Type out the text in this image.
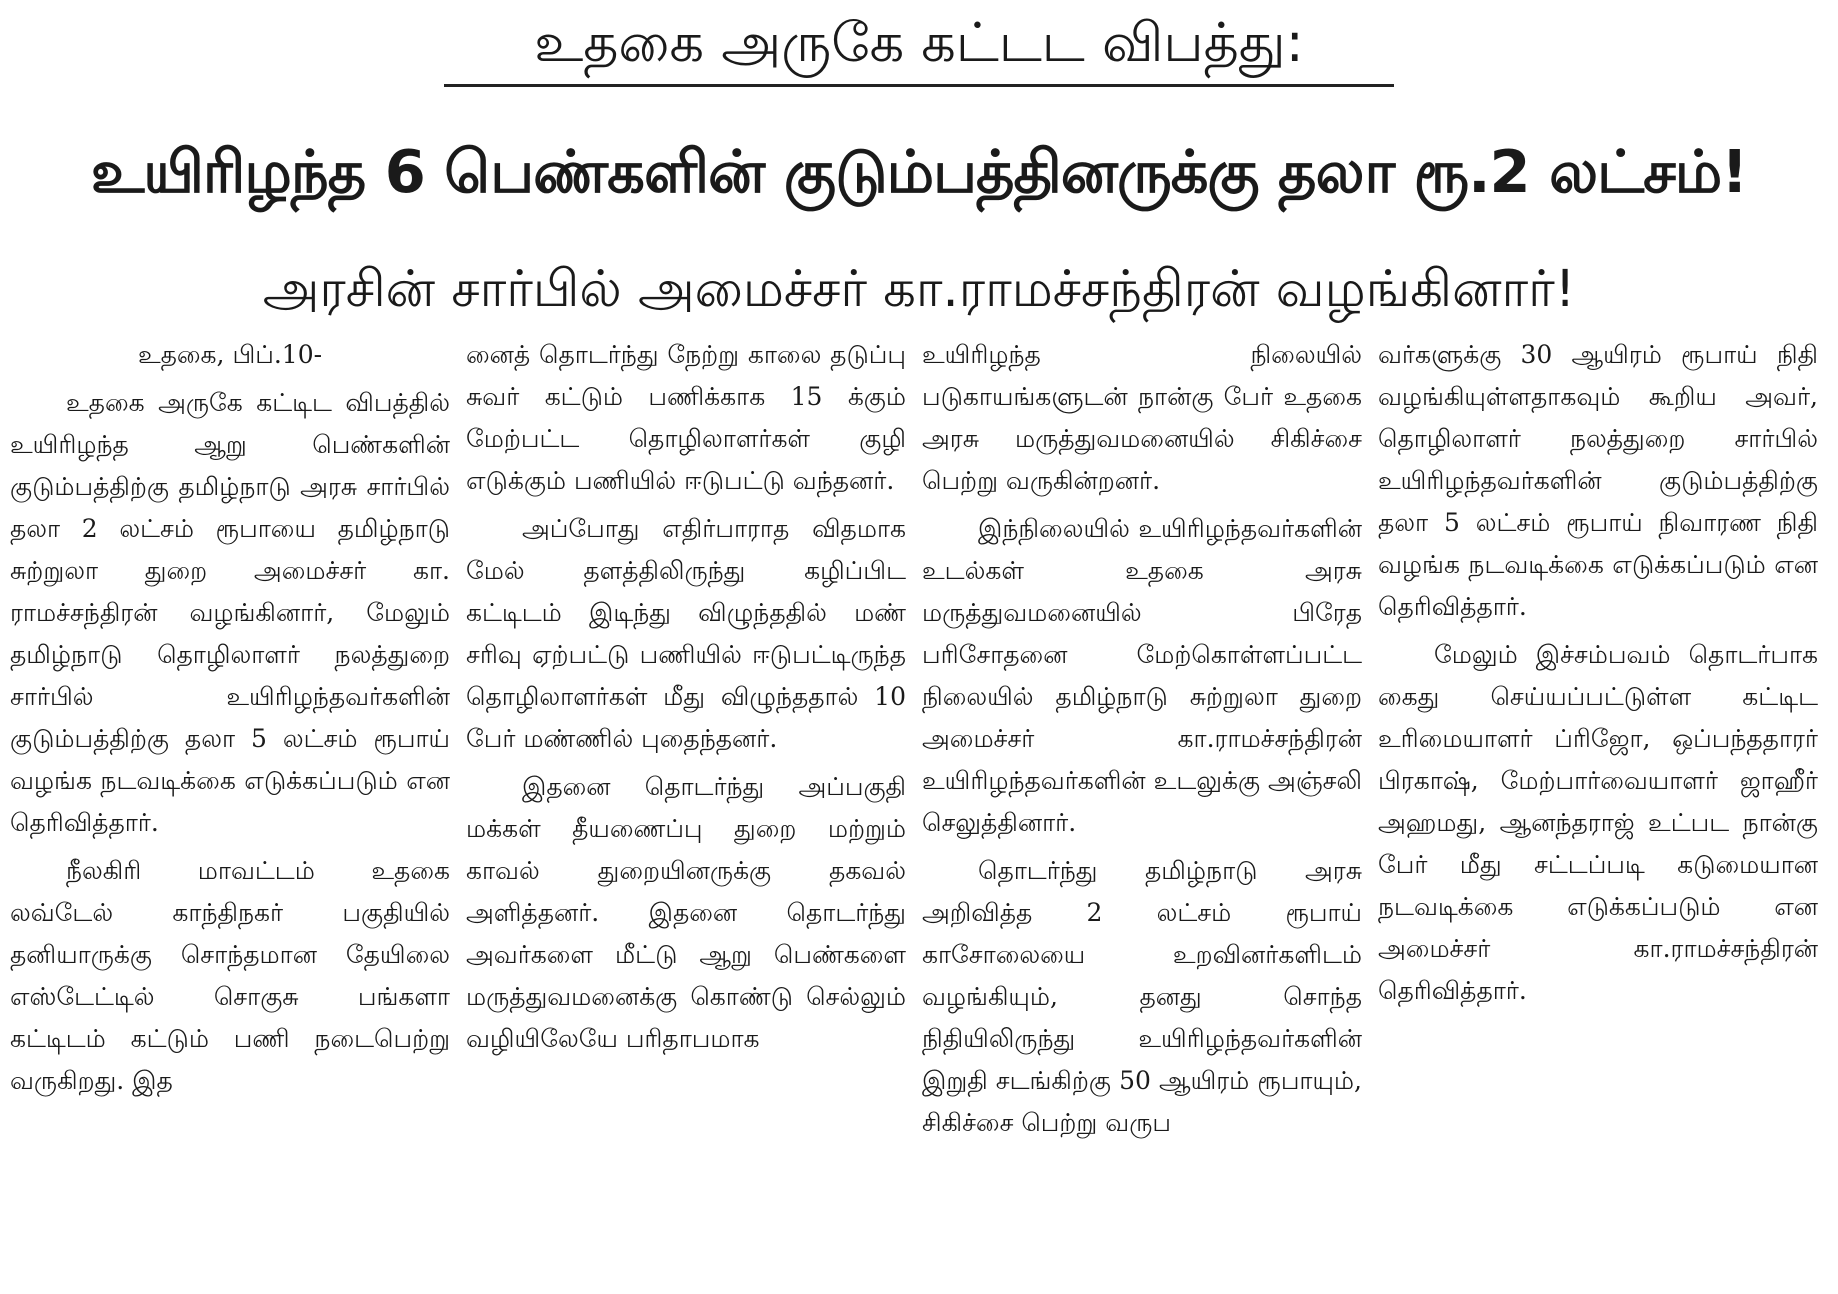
உதகை அருகே கட்டட விபத்து:
உயிரிழந்த 6 பெண்களின் குடும்பத்தினருக்கு தலா ரூ.2 லட்சம்!
அரசின் சார்பில் அமைச்சர் கா.ராமச்சந்திரன் வழங்கினார்!

உதகை, பிப்.10-

உதகை அருகே கட்டிட விபத்தில் உயிரிழந்த ஆறு பெண்களின் குடும்பத்திற்கு தமிழ்நாடு அரசு சார்பில் தலா 2 லட்சம் ரூபாயை தமிழ்நாடு சுற்றுலா துறை அமைச்சர் கா. ராமச்சந்திரன் வழங்கினார், மேலும் தமிழ்நாடு தொழிலாளர் நலத்துறை சார்பில் உயிரிழந்தவர்களின் குடும்பத்திற்கு தலா 5 லட்சம் ரூபாய் வழங்க நடவடிக்கை எடுக்கப்படும் என தெரிவித்தார்.

நீலகிரி மாவட்டம் உதகை லவ்டேல் காந்திநகர் பகுதியில் தனியாருக்கு சொந்தமான தேயிலை எஸ்டேட்டில் சொகுசு பங்களா கட்டிடம் கட்டும் பணி நடைபெற்று வருகிறது. இத

னைத் தொடர்ந்து நேற்று காலை தடுப்பு சுவர் கட்டும் பணிக்காக 15 க்கும் மேற்பட்ட தொழிலாளர்கள் குழி எடுக்கும் பணியில் ஈடுபட்டு வந்தனர்.

அப்போது எதிர்பாராத விதமாக மேல் தளத்திலிருந்து கழிப்பிட கட்டிடம் இடிந்து விழுந்ததில் மண் சரிவு ஏற்பட்டு பணியில் ஈடுபட்டிருந்த தொழிலாளர்கள் மீது விழுந்ததால் 10 பேர் மண்ணில் புதைந்தனர்.

இதனை தொடர்ந்து அப்பகுதி மக்கள் தீயணைப்பு துறை மற்றும் காவல் துறையினருக்கு தகவல் அளித்தனர். இதனை தொடர்ந்து அவர்களை மீட்டு ஆறு பெண்களை மருத்துவமனைக்கு கொண்டு செல்லும் வழியிலேயே பரிதாபமாக

உயிரிழந்த நிலையில் படுகாயங்களுடன் நான்கு பேர் உதகை அரசு மருத்துவமனையில் சிகிச்சை பெற்று வருகின்றனர்.

இந்நிலையில் உயிரிழந்தவர்களின் உடல்கள் உதகை அரசு மருத்துவமனையில் பிரேத பரிசோதனை மேற்கொள்ளப்பட்ட நிலையில் தமிழ்நாடு சுற்றுலா துறை அமைச்சர் கா.ராமச்சந்திரன் உயிரிழந்தவர்களின் உடலுக்கு அஞ்சலி செலுத்தினார்.

தொடர்ந்து தமிழ்நாடு அரசு அறிவித்த 2 லட்சம் ரூபாய் காசோலையை உறவினர்களிடம் வழங்கியும், தனது சொந்த நிதியிலிருந்து உயிரிழந்தவர்களின் இறுதி சடங்கிற்கு 50 ஆயிரம் ரூபாயும், சிகிச்சை பெற்று வருப

வர்களுக்கு 30 ஆயிரம் ரூபாய் நிதி வழங்கியுள்ளதாகவும் கூறிய அவர், தொழிலாளர் நலத்துறை சார்பில் உயிரிழந்தவர்களின் குடும்பத்திற்கு தலா 5 லட்சம் ரூபாய் நிவாரண நிதி வழங்க நடவடிக்கை எடுக்கப்படும் என தெரிவித்தார்.

மேலும் இச்சம்பவம் தொடர்பாக கைது செய்யப்பட்டுள்ள கட்டிட உரிமையாளர் ப்ரிஜோ, ஒப்பந்ததாரர் பிரகாஷ், மேற்பார்வையாளர் ஜாஹீர் அஹமது, ஆனந்தராஜ் உட்பட நான்கு பேர் மீது சட்டப்படி கடுமையான நடவடிக்கை எடுக்கப்படும் என அமைச்சர் கா.ராமச்சந்திரன் தெரிவித்தார்.
